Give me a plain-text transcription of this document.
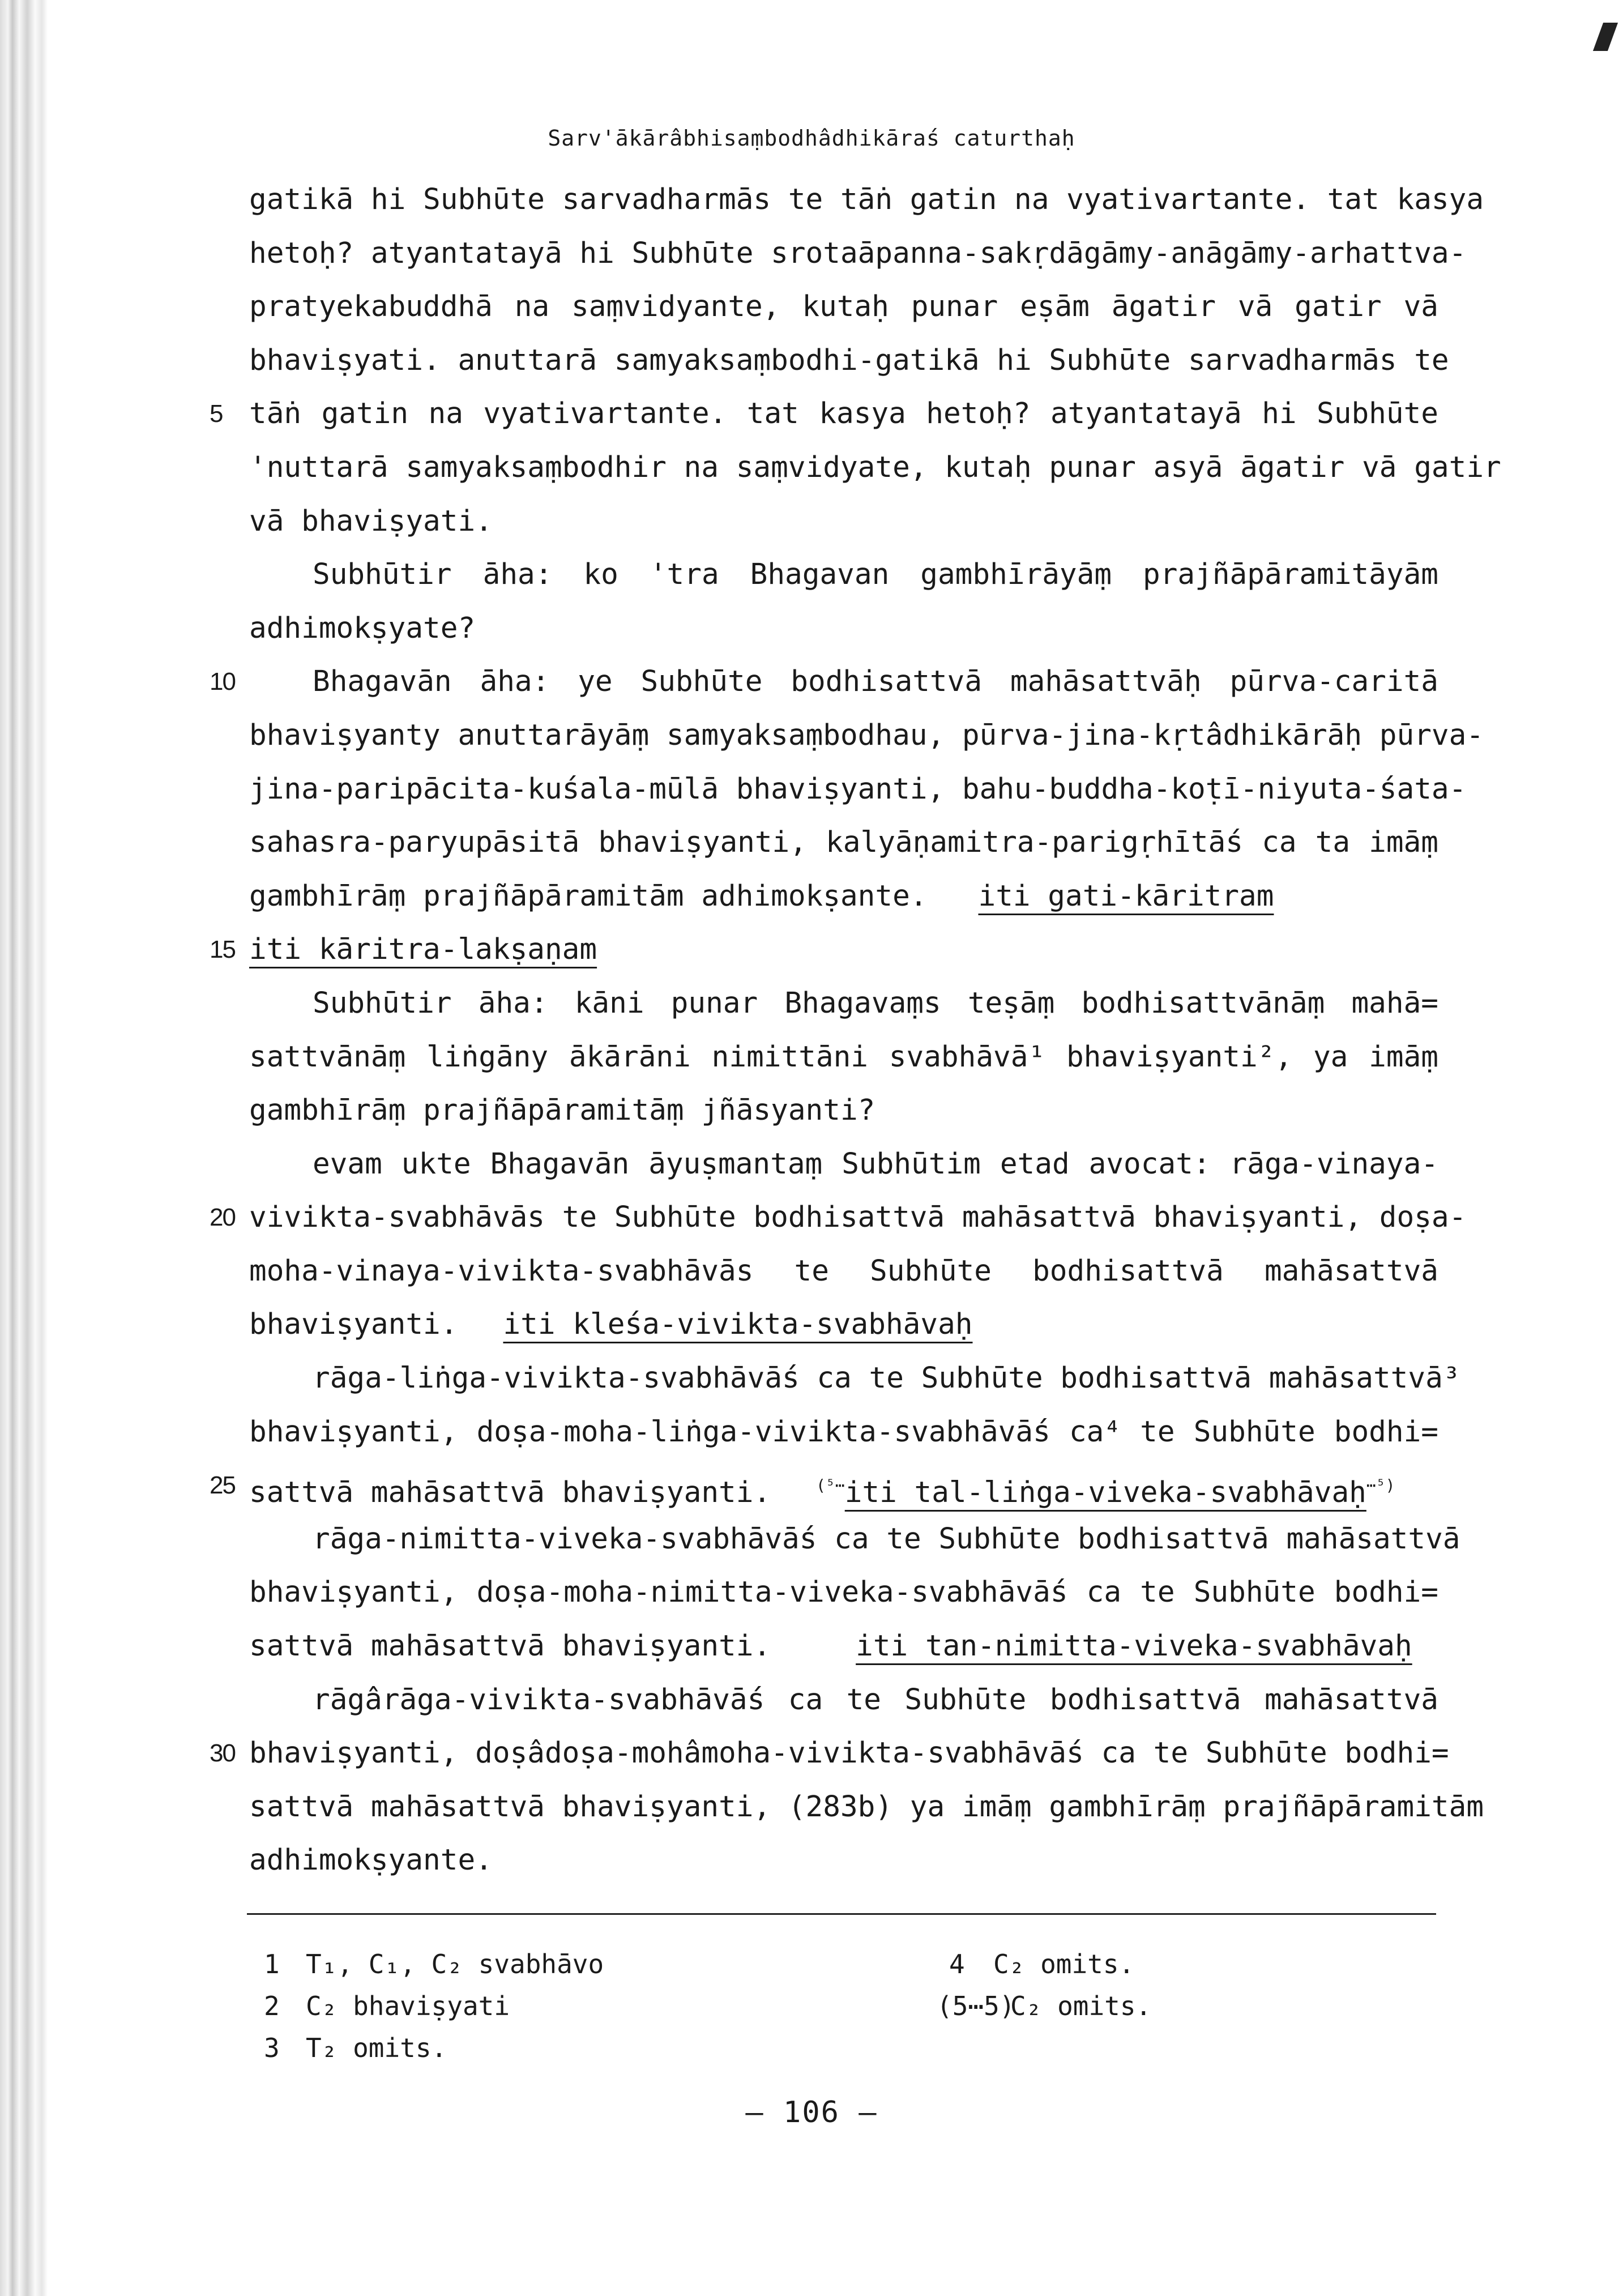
Sarv'ākārâbhisaṃbodhâdhikāraś caturthaḥ
gatikā hi Subhūte sarvadharmās te tāṅ gatin na vyativartante. tat kasya
hetoḥ? atyantatayā hi Subhūte srotaāpanna-sakṛdāgāmy-anāgāmy-arhattva-
pratyekabuddhā na saṃvidyante, kutaḥ punar eṣām āgatir vā gatir vā
bhaviṣyati. anuttarā samyaksaṃbodhi-gatikā hi Subhūte sarvadharmās te
5 tāṅ gatin na vyativartante. tat kasya hetoḥ? atyantatayā hi Subhūte
'nuttarā samyaksaṃbodhir na saṃvidyate, kutaḥ punar asyā āgatir vā gatir
vā bhaviṣyati.
Subhūtir āha: ko 'tra Bhagavan gambhīrāyāṃ prajñāpāramitāyām
adhimokṣyate?
10	Bhagavān āha: ye Subhūte bodhisattvā mahāsattvāḥ pūrva-caritā
bhaviṣyanty anuttarāyāṃ samyaksaṃbodhau, pūrva-jina-kṛtâdhikārāḥ pūrva-
jina-paripācita-kuśala-mūlā bhaviṣyanti, bahu-buddha-koṭī-niyuta-śata-
sahasra-paryupāsitā bhaviṣyanti, kalyāṇamitra-parigṛhītāś ca ta imāṃ
gambhīrāṃ prajñāpāramitām adhimokṣante. iti gati-kāritram
15 iti kāritra-lakṣaṇam
Subhūtir āha: kāni punar Bhagavaṃs teṣāṃ bodhisattvānāṃ mahā=
sattvānāṃ liṅgāny ākārāni nimittāni svabhāvā¹ bhaviṣyanti², ya imāṃ
gambhīrāṃ prajñāpāramitāṃ jñāsyanti?
evam ukte Bhagavān āyuṣmantaṃ Subhūtim etad avocat: rāga-vinaya-
20 vivikta-svabhāvās te Subhūte bodhisattvā mahāsattvā bhaviṣyanti, doṣa-
moha-vinaya-vivikta-svabhāvās te Subhūte bodhisattvā mahāsattvā
bhaviṣyanti. iti kleśa-vivikta-svabhāvaḥ
rāga-liṅga-vivikta-svabhāvāś ca te Subhūte bodhisattvā mahāsattvā³
bhaviṣyanti, doṣa-moha-liṅga-vivikta-svabhāvāś ca⁴ te Subhūte bodhi=
25 sattvā mahāsattvā bhaviṣyanti.	$^{(^5\cdots}$iti tal-liṅga-viveka-svabhāvaḥ$^{\cdots^5)}$
rāga-nimitta-viveka-svabhāvāś ca te Subhūte bodhisattvā mahāsattvā
bhaviṣyanti, doṣa-moha-nimitta-viveka-svabhāvāś ca te Subhūte bodhi=
sattvā mahāsattvā bhaviṣyanti.	iti tan-nimitta-viveka-svabhāvaḥ
rāgârāga-vivikta-svabhāvāś ca te Subhūte bodhisattvā mahāsattvā
30 bhaviṣyanti, doṣâdoṣa-mohâmoha-vivikta-svabhāvāś ca te Subhūte bodhi=
sattvā mahāsattvā bhaviṣyanti, (283b) ya imāṃ gambhīrāṃ prajñāpāramitām
adhimokṣyante.
1 T₁, C₁, C₂ svabhāvo
2 C₂ bhaviṣyati
3 T₂ omits.
4 C₂ omits.
(5⋯5)C₂ omits.
— 106 —
